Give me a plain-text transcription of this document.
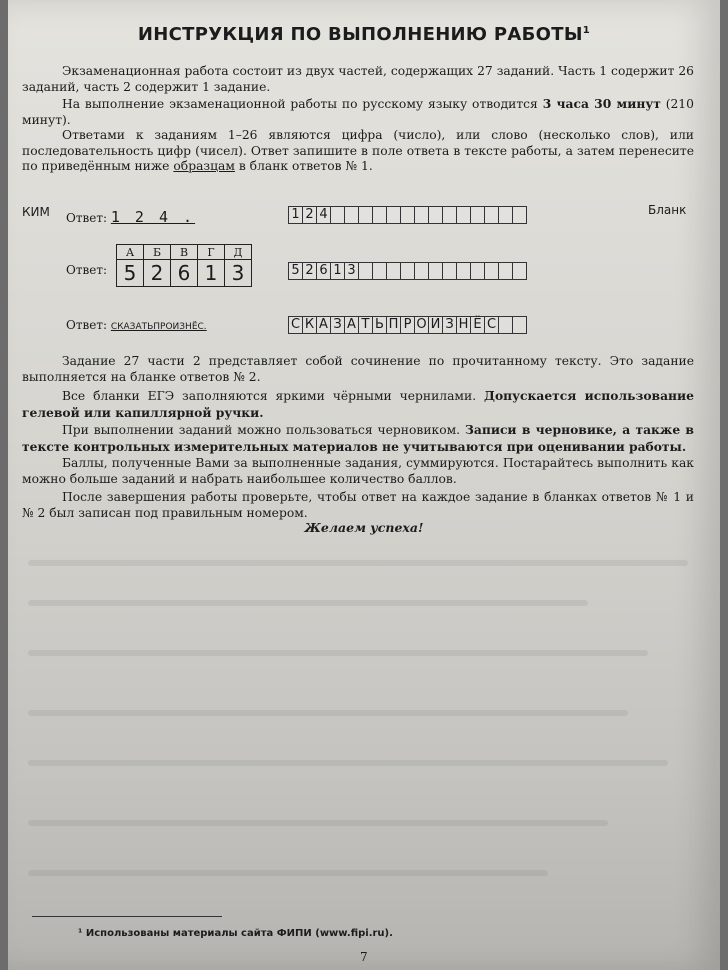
ИНСТРУКЦИЯ ПО ВЫПОЛНЕНИЮ РАБОТЫ$^1$
Экзаменационная работа состоит из двух частей, содержащих 27 заданий. Часть 1 содержит 26 заданий, часть 2 содержит 1 задание.
На выполнение экзаменационной работы по русскому языку отводится 3 часа 30 минут (210 минут).
Ответами к заданиям 1–26 являются цифра (число), или слово (несколько слов), или последовательность цифр (чисел). Ответ запишите в поле ответа в тексте работы, а затем перенесите по приведённым ниже образцам в бланк ответов № 1.
КИМ	Бланк
Ответ: 1 2 4 .	1 2 4
Ответ:
А	Б	В	Г	Д
5	2	6	1	3	5 2 6 1 3
Ответ: СКАЗАТЬПРОИЗНЁС.	С К А З А Т Ь П Р О И З Н Ё С
Задание 27 части 2 представляет собой сочинение по прочитанному тексту. Это задание выполняется на бланке ответов № 2.
Все бланки ЕГЭ заполняются яркими чёрными чернилами. Допускается использование гелевой или капиллярной ручки.
При выполнении заданий можно пользоваться черновиком. Записи в черновике, а также в тексте контрольных измерительных материалов не учитываются при оценивании работы.
Баллы, полученные Вами за выполненные задания, суммируются. Постарайтесь выполнить как можно больше заданий и набрать наибольшее количество баллов.
После завершения работы проверьте, чтобы ответ на каждое задание в бланках ответов № 1 и № 2 был записан под правильным номером.
Желаем успеха!
¹ Использованы материалы сайта ФИПИ (www.fipi.ru).
7
